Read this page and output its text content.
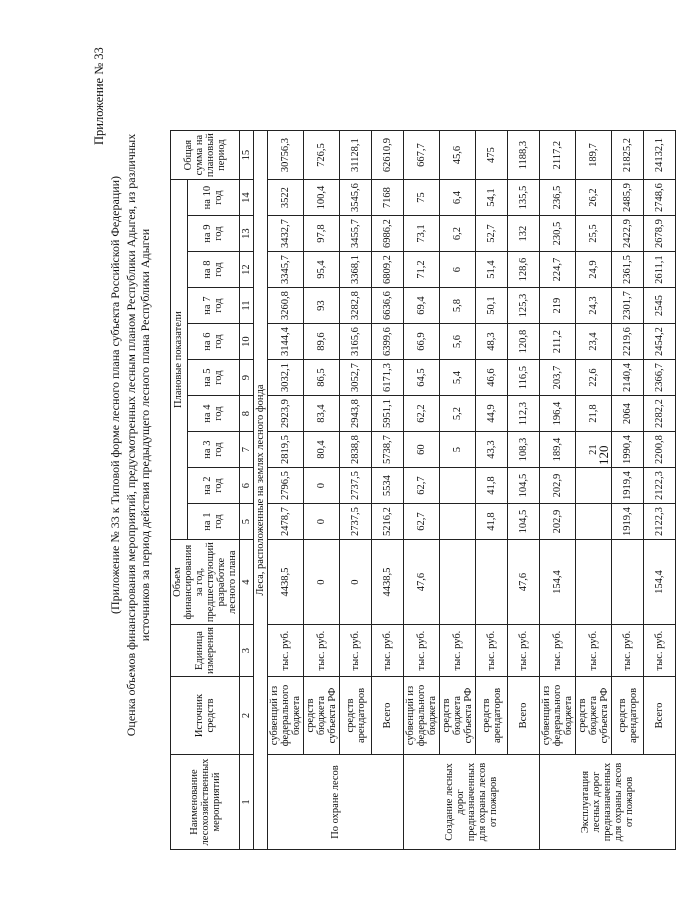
Приложение № 33
(Приложение № 33 к Типовой форме лесного плана субъекта Российской Федерации) Оценка объемов финансирования мероприятий, предусмотренных лесным планом Республики Адыгея, из различных источников за период действия предыдущего лесного плана Республики Адыгеи
Наименование лесохозяйственных мероприятий	Источник средств	Единица измерения	Объем финансирования за год, предшествующий разработке лесного плана	Плановые показатели										Общая сумма на плановый период
				на 1 год	на 2 год	на 3 год	на 4 год	на 5 год	на 6 год	на 7 год	на 8 год	на 9 год	на 10 год	
1	2	3	4	5	6	7	8	9	10	11	12	13	14	15
Леса, расположенные на землях лесного фонда														
По охране лесов	субвенций из федерального бюджета	тыс. руб.	4438,5	2478,7	2796,5	2819,5	2923,9	3032,1	3144,4	3260,8	3345,7	3432,7	3522	30756,3
	средств бюджета субъекта РФ	тыс. руб.	0	0	0	80,4	83,4	86,5	89,6	93	95,4	97,8	100,4	726,5
	средств арендаторов	тыс. руб.	0	2737,5	2737,5	2838,8	2943,8	3052,7	3165,6	3282,8	3368,1	3455,7	3545,6	31128,1
	Всего	тыс. руб.	4438,5	5216,2	5534	5738,7	5951,1	6171,3	6399,6	6636,6	6809,2	6986,2	7168	62610,9
Создание лесных дорог предназначенных для охраны лесов от пожаров	субвенций из федерального бюджета	тыс. руб.	47,6	62,7	62,7	60	62,2	64,5	66,9	69,4	71,2	73,1	75	667,7
	средств бюджета субъекта РФ	тыс. руб.				5	5,2	5,4	5,6	5,8	6	6,2	6,4	45,6
	средств арендаторов	тыс. руб.		41,8	41,8	43,3	44,9	46,6	48,3	50,1	51,4	52,7	54,1	475
	Всего	тыс. руб.	47,6	104,5	104,5	108,3	112,3	116,5	120,8	125,3	128,6	132	135,5	1188,3
Эксплуатация лесных дорог предназначенных для охраны лесов от пожаров	субвенций из федерального бюджета	тыс. руб.	154,4	202,9	202,9	189,4	196,4	203,7	211,2	219	224,7	230,5	236,5	2117,2
	средств бюджета субъекта РФ	тыс. руб.				21	21,8	22,6	23,4	24,3	24,9	25,5	26,2	189,7
	средств арендаторов	тыс. руб.		1919,4	1919,4	1990,4	2064	2140,4	2219,6	2301,7	2361,5	2422,9	2485,9	21825,2
	Всего	тыс. руб.	154,4	2122,3	2122,3	2200,8	2282,2	2366,7	2454,2	2545	2611,1	2678,9	2748,6	24132,1
120
